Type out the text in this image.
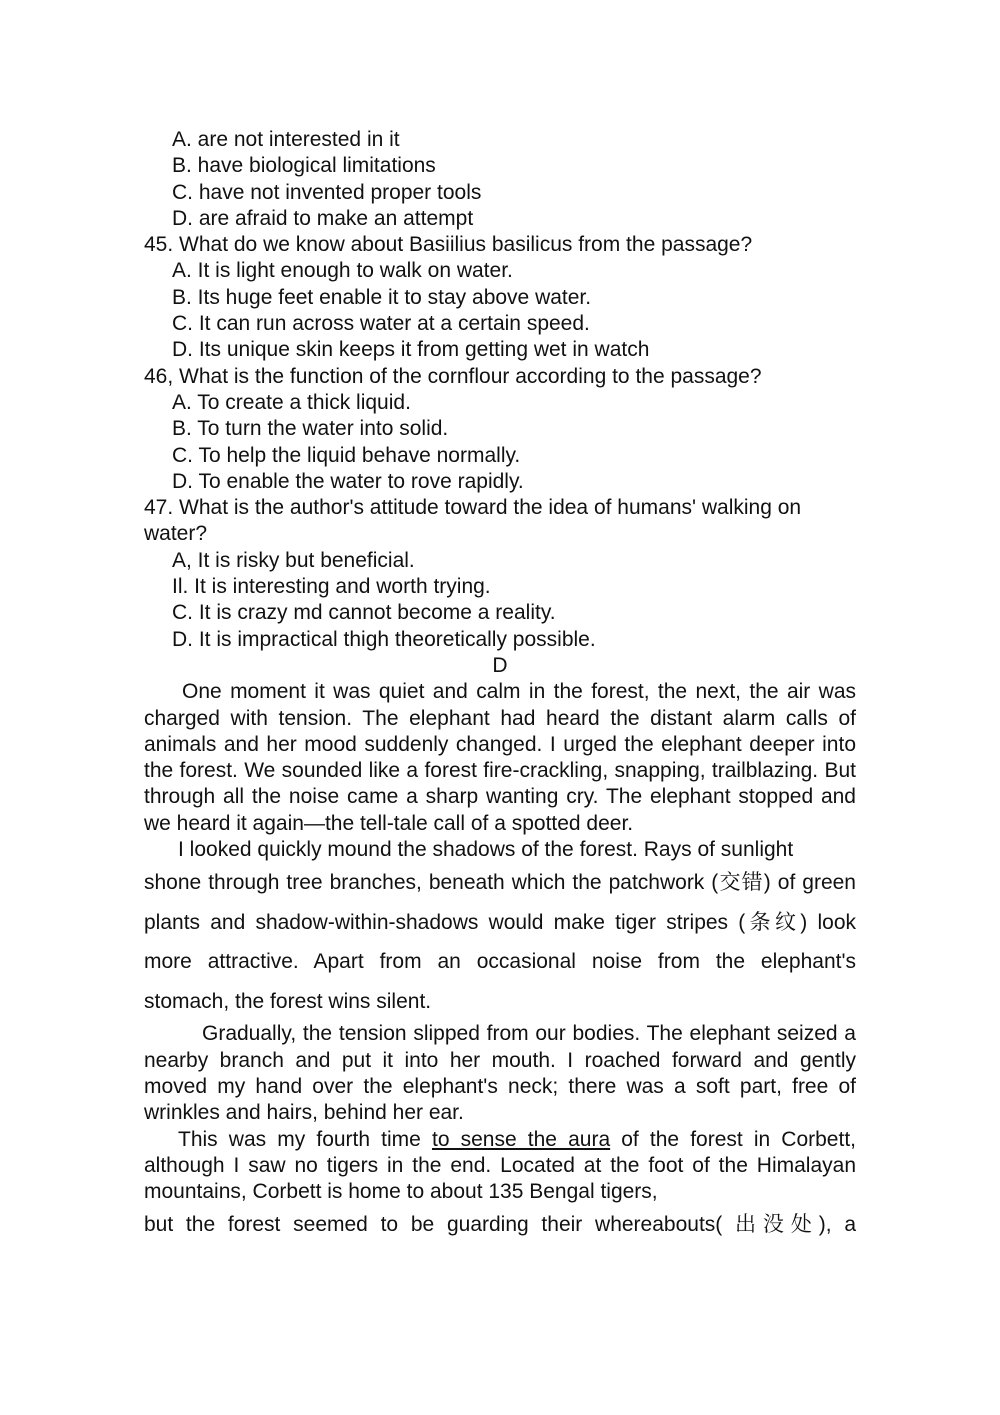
A. are not interested in it

B. have biological limitations

C. have not invented proper tools

D. are afraid to make an attempt

45. What do we know about Basiilius basilicus from the passage?

A. It is light enough to walk on water.

B. Its huge feet enable it to stay above water.

C. It can run across water at a certain speed.

D. Its unique skin keeps it from getting wet in watch

46, What is the function of the cornflour according to the passage?

A. To create a thick liquid.

B. To turn the water into solid.

C. To help the liquid behave normally.

D. To enable the water to rove rapidly.

47. What is the author's attitude toward the idea of humans' walking on water?

A, It is risky but beneficial.

Il. It is interesting and worth trying.

C. It is crazy md cannot become a reality.

D. It is impractical thigh theoretically possible.

D

One moment it was quiet and calm in the forest, the next, the air was charged with tension. The elephant had heard the distant alarm calls of animals and her mood suddenly changed. I urged the elephant deeper into the forest. We sounded like a forest fire-crackling, snapping, trailblazing. But through all the noise came a sharp wanting cry. The elephant stopped and we heard it again—the tell-tale call of a spotted deer.

I looked quickly mound the shadows of the forest. Rays of sunlight

shone through tree branches, beneath which the patchwork (交错) of green plants and shadow-within-shadows would make tiger stripes (条纹) look more attractive. Apart from an occasional noise from the elephant's stomach, the forest wins silent.

Gradually, the tension slipped from our bodies. The elephant seized a nearby branch and put it into her mouth. I roached forward and gently moved my hand over the elephant's neck; there was a soft part, free of wrinkles and hairs, behind her ear.

This was my fourth time to sense the aura of the forest in Corbett, although I saw no tigers in the end. Located at the foot of the Himalayan mountains, Corbett is home to about 135 Bengal tigers,

but the forest seemed to be guarding their whereabouts( 出没处), a
